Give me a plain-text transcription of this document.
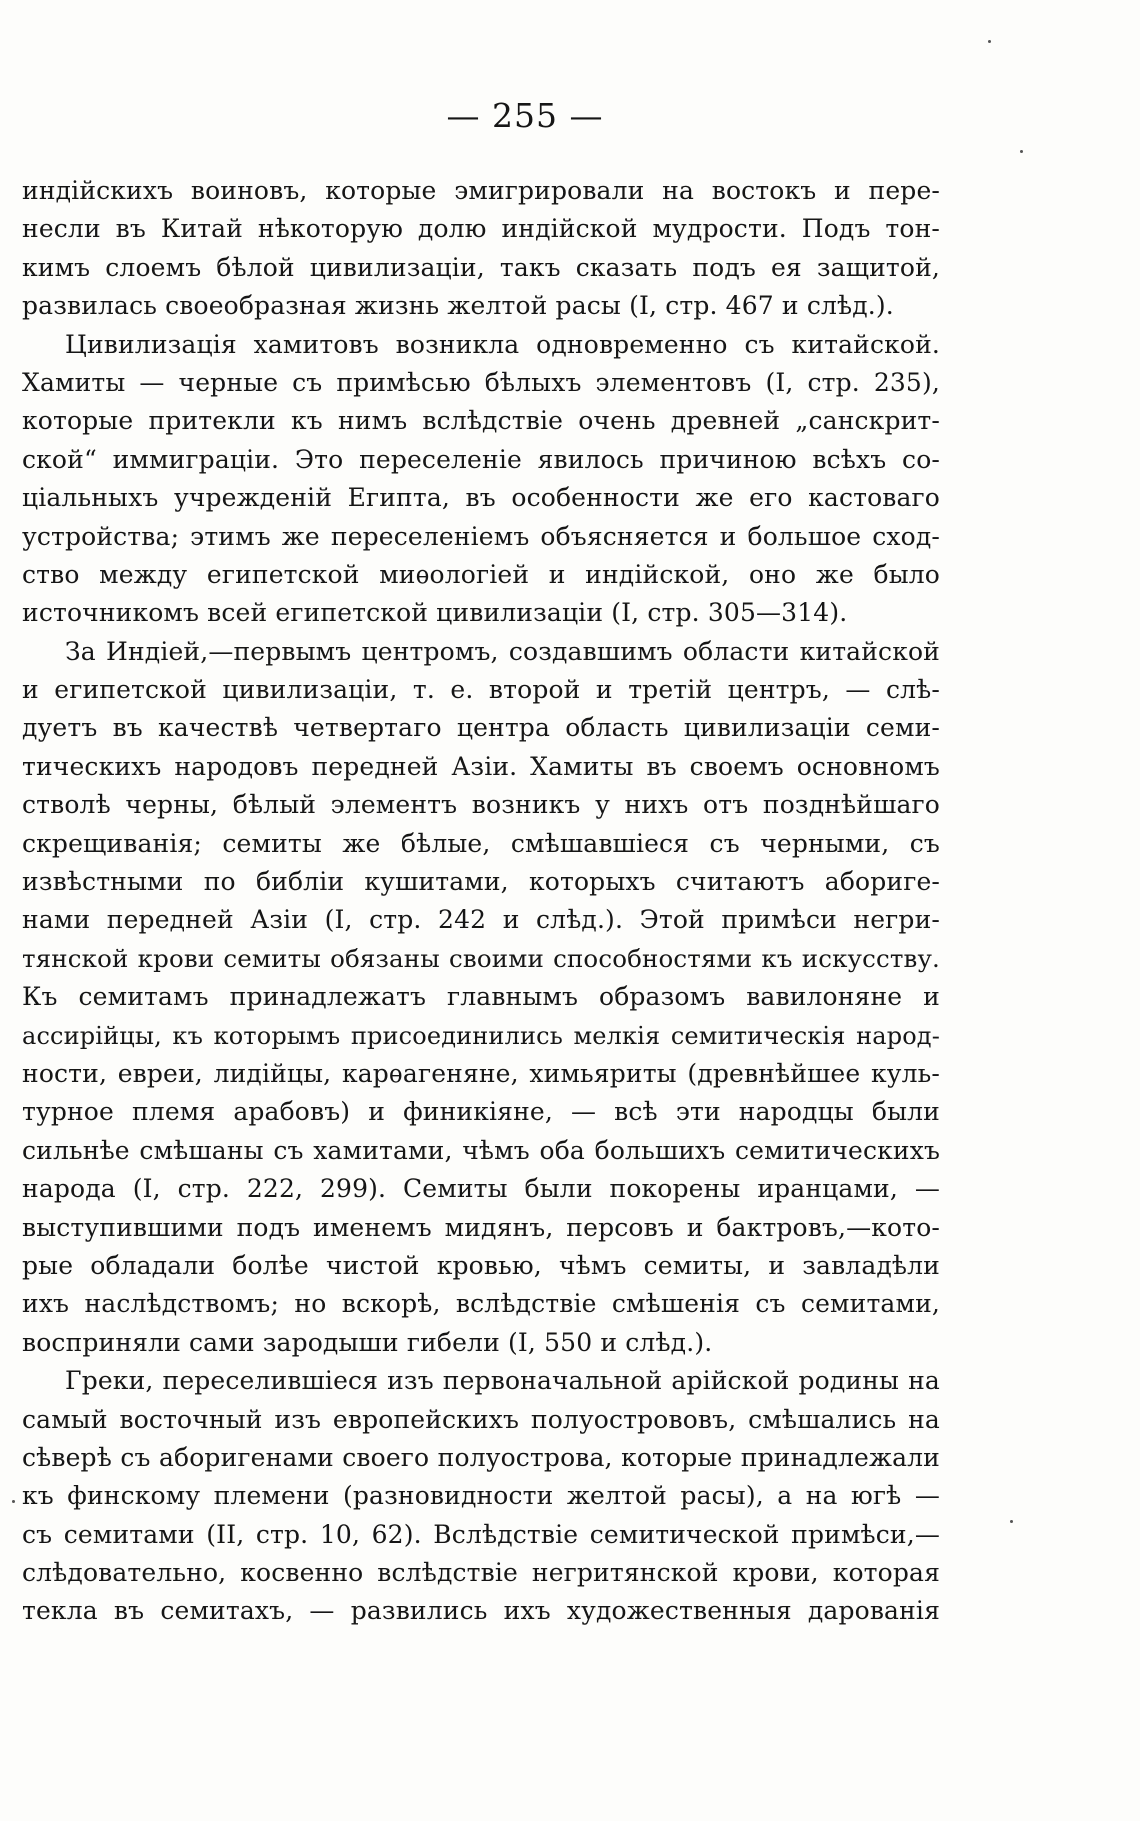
— 255 —
индійскихъ воиновъ, которые эмигрировали на востокъ и пере-
несли въ Китай нѣкоторую долю индійской мудрости. Подъ тон-
кимъ слоемъ бѣлой цивилизаціи, такъ сказать подъ ея защитой,
развилась своеобразная жизнь желтой расы (I, стр. 467 и слѣд.).
Цивилизація хамитовъ возникла одновременно съ китайской.
Хамиты — черные съ примѣсью бѣлыхъ элементовъ (I, стр. 235),
которые притекли къ нимъ вслѣдствіе очень древней „санскрит-
ской“ иммиграціи. Это переселеніе явилось причиною всѣхъ со-
ціальныхъ учрежденій Египта, въ особенности же его кастоваго
устройства; этимъ же переселеніемъ объясняется и большое сход-
ство между египетской миѳологіей и индійской, оно же было
источникомъ всей египетской цивилизаціи (I, стр. 305—314).
За Индіей,—первымъ центромъ, создавшимъ области китайской
и египетской цивилизаціи, т. е. второй и третій центръ, — слѣ-
дуетъ въ качествѣ четвертаго центра область цивилизаціи семи-
тическихъ народовъ передней Азіи. Хамиты въ своемъ основномъ
стволѣ черны, бѣлый элементъ возникъ у нихъ отъ позднѣйшаго
скрещиванія; семиты же бѣлые, смѣшавшіеся съ черными, съ
извѣстными по библіи кушитами, которыхъ считаютъ абориге-
нами передней Азіи (I, стр. 242 и слѣд.). Этой примѣси негри-
тянской крови семиты обязаны своими способностями къ искусству.
Къ семитамъ принадлежатъ главнымъ образомъ вавилоняне и
ассирійцы, къ которымъ присоединились мелкія семитическія народ-
ности, евреи, лидійцы, карѳагеняне, химьяриты (древнѣйшее куль-
турное племя арабовъ) и финикіяне, — всѣ эти народцы были
сильнѣе смѣшаны съ хамитами, чѣмъ оба большихъ семитическихъ
народа (I, стр. 222, 299). Семиты были покорены иранцами, —
выступившими подъ именемъ мидянъ, персовъ и бактровъ,—кото-
рые обладали болѣе чистой кровью, чѣмъ семиты, и завладѣли
ихъ наслѣдствомъ; но вскорѣ, вслѣдствіе смѣшенія съ семитами,
восприняли сами зародыши гибели (I, 550 и слѣд.).
Греки, переселившіеся изъ первоначальной арійской родины на
самый восточный изъ европейскихъ полуострововъ, смѣшались на
сѣверѣ съ аборигенами своего полуострова, которые принадлежали
къ финскому племени (разновидности желтой расы), а на югѣ —
съ семитами (II, стр. 10, 62). Вслѣдствіе семитической примѣси,—
слѣдовательно, косвенно вслѣдствіе негритянской крови, которая
текла въ семитахъ, — развились ихъ художественныя дарованія
